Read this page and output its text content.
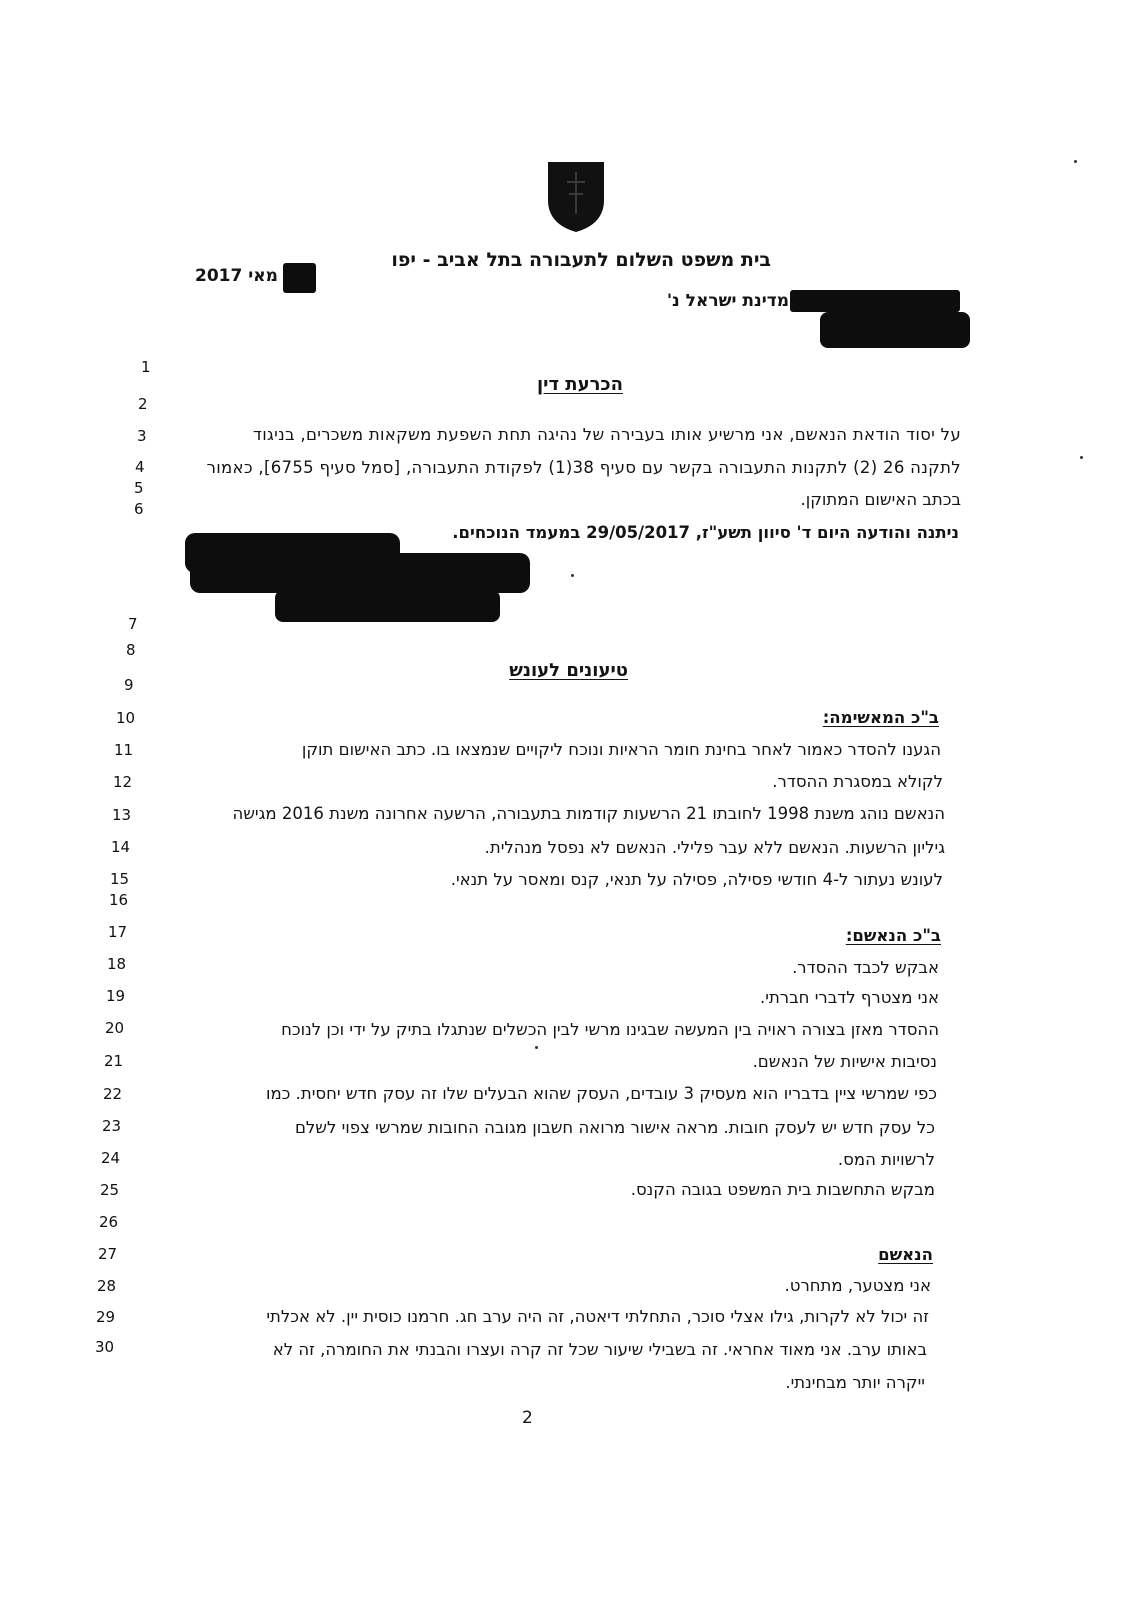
בית משפט השלום לתעבורה בתל אביב - יפו
מאי 2017
מדינת ישראל נ'
הכרעת דין
על יסוד הודאת הנאשם, אני מרשיע אותו בעבירה של נהיגה תחת השפעת משקאות משכרים, בניגוד
לתקנה 26 (2) לתקנות התעבורה בקשר עם סעיף 38(1) לפקודת התעבורה, [סמל סעיף 6755], כאמור
בכתב האישום המתוקן.
ניתנה והודעה היום ד' סיוון תשע"ז, 29/05/2017 במעמד הנוכחים.
טיעונים לעונש
ב"כ המאשימה:
הגענו להסדר כאמור לאחר בחינת חומר הראיות ונוכח ליקויים שנמצאו בו. כתב האישום תוקן
לקולא במסגרת ההסדר.
הנאשם נוהג משנת 1998 לחובתו 21 הרשעות קודמות בתעבורה, הרשעה אחרונה משנת 2016 מגישה
גיליון הרשעות. הנאשם ללא עבר פלילי. הנאשם לא נפסל מנהלית.
לעונש נעתור ל-4 חודשי פסילה, פסילה על תנאי, קנס ומאסר על תנאי.
ב"כ הנאשם:
אבקש לכבד ההסדר.
אני מצטרף לדברי חברתי.
ההסדר מאזן בצורה ראויה בין המעשה שבגינו מרשי לבין הכשלים שנתגלו בתיק על ידי וכן לנוכח
נסיבות אישיות של הנאשם.
כפי שמרשי ציין בדבריו הוא מעסיק 3 עובדים, העסק שהוא הבעלים שלו זה עסק חדש יחסית. כמו
כל עסק חדש יש לעסק חובות. מראה אישור מרואה חשבון מגובה החובות שמרשי צפוי לשלם
לרשויות המס.
מבקש התחשבות בית המשפט בגובה הקנס.
הנאשם
אני מצטער, מתחרט.
זה יכול לא לקרות, גילו אצלי סוכר, התחלתי דיאטה, זה היה ערב חג. חרמנו כוסית יין. לא אכלתי
באותו ערב. אני מאוד אחראי. זה בשבילי שיעור שכל זה קרה ועצרו והבנתי את החומרה, זה לא
ייקרה יותר מבחינתי.
1
2
3
4
5
6
7
8
9
10
11
12
13
14
15
16
17
18
19
20
21
22
23
24
25
26
27
28
29
30
2
